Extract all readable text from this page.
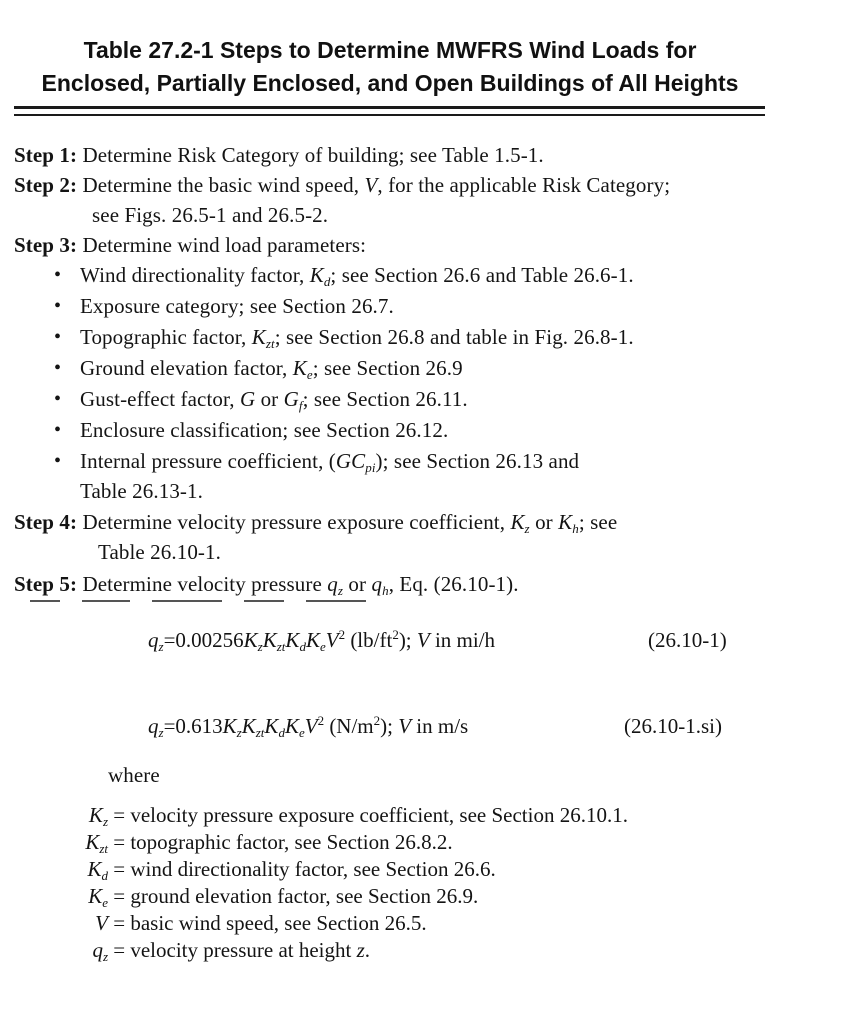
Table 27.2-1 Steps to Determine MWFRS Wind Loads for
Enclosed, Partially Enclosed, and Open Buildings of All Heights
Step 1: Determine Risk Category of building; see Table 1.5-1.
Step 2: Determine the basic wind speed, V, for the applicable Risk Category;
see Figs. 26.5-1 and 26.5-2.
Step 3: Determine wind load parameters:
• Wind directionality factor, $K_d$; see Section 26.6 and Table 26.6-1.
• Exposure category; see Section 26.7.
• Topographic factor, $K_{zt}$; see Section 26.8 and table in Fig. 26.8-1.
• Ground elevation factor, $K_e$; see Section 26.9
• Gust-effect factor, G or $G_f$; see Section 26.11.
• Enclosure classification; see Section 26.12.
• Internal pressure coefficient, $(GC_{pi})$; see Section 26.13 and
Table 26.13-1.
Step 4: Determine velocity pressure exposure coefficient, $K_z$ or $K_h$; see
Table 26.10-1.
Step 5: Determine velocity pressure $q_z$ or $q_h$, Eq. (26.10-1).
$q_z=0.00256K_zK_{zt}K_dK_eV^2$ $(lb/ft^2)$; V in mi/h	(26.10-1)
$q_z=0.613K_zK_{zt}K_dK_eV^2$ $(N/m^2)$; V in m/s	(26.10-1.si)
where
$K_z$ = velocity pressure exposure coefficient, see Section 26.10.1.
$K_{zt}$ = topographic factor, see Section 26.8.2.
$K_d$ = wind directionality factor, see Section 26.6.
$K_e$ = ground elevation factor, see Section 26.9.
V = basic wind speed, see Section 26.5.
$q_z$ = velocity pressure at height z.
